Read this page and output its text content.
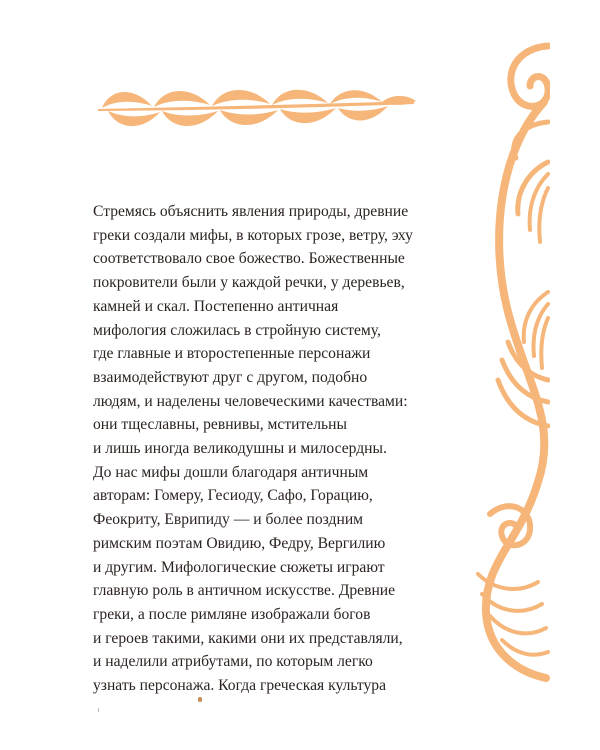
Стремясь объяснить явления природы, древние
греки создали мифы, в которых грозе, ветру, эху
соответствовало свое божество. Божественные
покровители были у каждой речки, у деревьев,
камней и скал. Постепенно античная
мифология сложилась в стройную систему,
где главные и второстепенные персонажи
взаимодействуют друг с другом, подобно
людям, и наделены человеческими качествами:
они тщеславны, ревнивы, мстительны
и лишь иногда великодушны и милосердны.
До нас мифы дошли благодаря античным
авторам: Гомеру, Гесиоду, Сафо, Горацию,
Феокриту, Еврипиду — и более поздним
римским поэтам Овидию, Федру, Вергилию
и другим. Мифологические сюжеты играют
главную роль в античном искусстве. Древние
греки, а после римляне изображали богов
и героев такими, какими они их представляли,
и наделили атрибутами, по которым легко
узнать персонажа. Когда греческая культура
